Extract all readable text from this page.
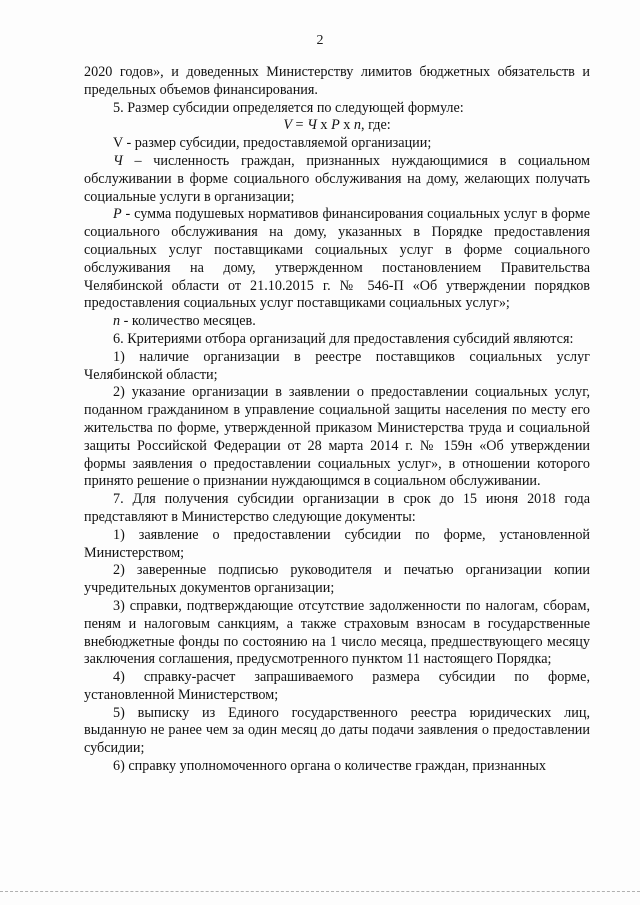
2

2020 годов», и доведенных Министерству лимитов бюджетных обязательств и предельных объемов финансирования.

5. Размер субсидии определяется по следующей формуле:

V = Ч х Р х n, где:

V - размер субсидии, предоставляемой организации;

Ч – численность граждан, признанных нуждающимися в социальном обслуживании в форме социального обслуживания на дому, желающих получать социальные услуги в организации;

Р - сумма подушевых нормативов финансирования социальных услуг в форме социального обслуживания на дому, указанных в Порядке предоставления социальных услуг поставщиками социальных услуг в форме социального обслуживания на дому, утвержденном постановлением Правительства Челябинской области от 21.10.2015 г. № 546-П «Об утверждении порядков предоставления социальных услуг поставщиками социальных услуг»;

n - количество месяцев.

6. Критериями отбора организаций для предоставления субсидий являются:

1) наличие организации в реестре поставщиков социальных услуг Челябинской области;

2) указание организации в заявлении о предоставлении социальных услуг, поданном гражданином в управление социальной защиты населения по месту его жительства по форме, утвержденной приказом Министерства труда и социальной защиты Российской Федерации от 28 марта 2014 г. № 159н «Об утверждении формы заявления о предоставлении социальных услуг», в отношении которого принято решение о признании нуждающимся в социальном обслуживании.

7. Для получения субсидии организации в срок до 15 июня 2018 года представляют в Министерство следующие документы:

1) заявление о предоставлении субсидии по форме, установленной Министерством;

2) заверенные подписью руководителя и печатью организации копии учредительных документов организации;

3) справки, подтверждающие отсутствие задолженности по налогам, сборам, пеням и налоговым санкциям, а также страховым взносам в государственные внебюджетные фонды по состоянию на 1 число месяца, предшествующего месяцу заключения соглашения, предусмотренного пунктом 11 настоящего Порядка;

4) справку-расчет запрашиваемого размера субсидии по форме, установленной Министерством;

5) выписку из Единого государственного реестра юридических лиц, выданную не ранее чем за один месяц до даты подачи заявления о предоставлении субсидии;

6) справку уполномоченного органа о количестве граждан, признанных
